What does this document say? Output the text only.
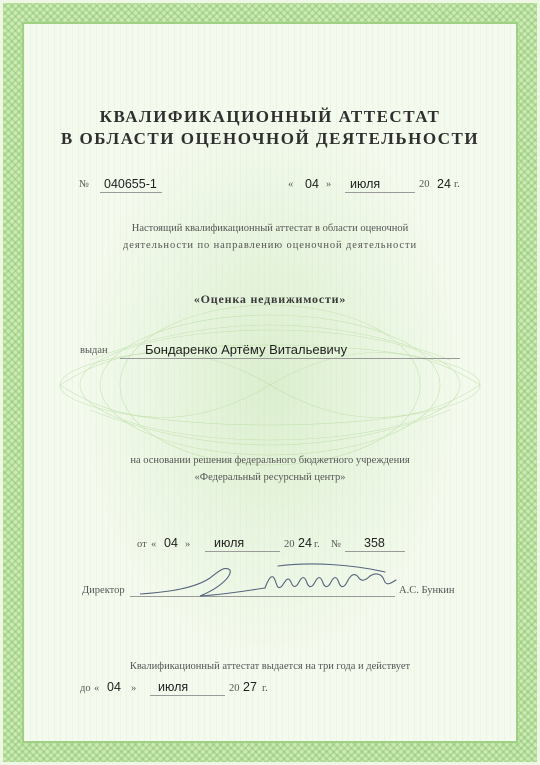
КВАЛИФИКАЦИОННЫЙ АТТЕСТАТ
В ОБЛАСТИ ОЦЕНОЧНОЙ ДЕЯТЕЛЬНОСТИ
№ 040655-1	« 04 » июля	20 24 г.
Настоящий квалификационный аттестат в области оценочной
деятельности по направлению оценочной деятельности
«Оценка недвижимости»
выдан	Бондаренко Артёму Витальевичу
на основании решения федерального бюджетного учреждения
«Федеральный ресурсный центр»
от « 04 » июля	20 24 г. № 358
Директор	А.С. Бункин
Квалификационный аттестат выдается на три года и действует
до « 04 » июля	20 27 г.
